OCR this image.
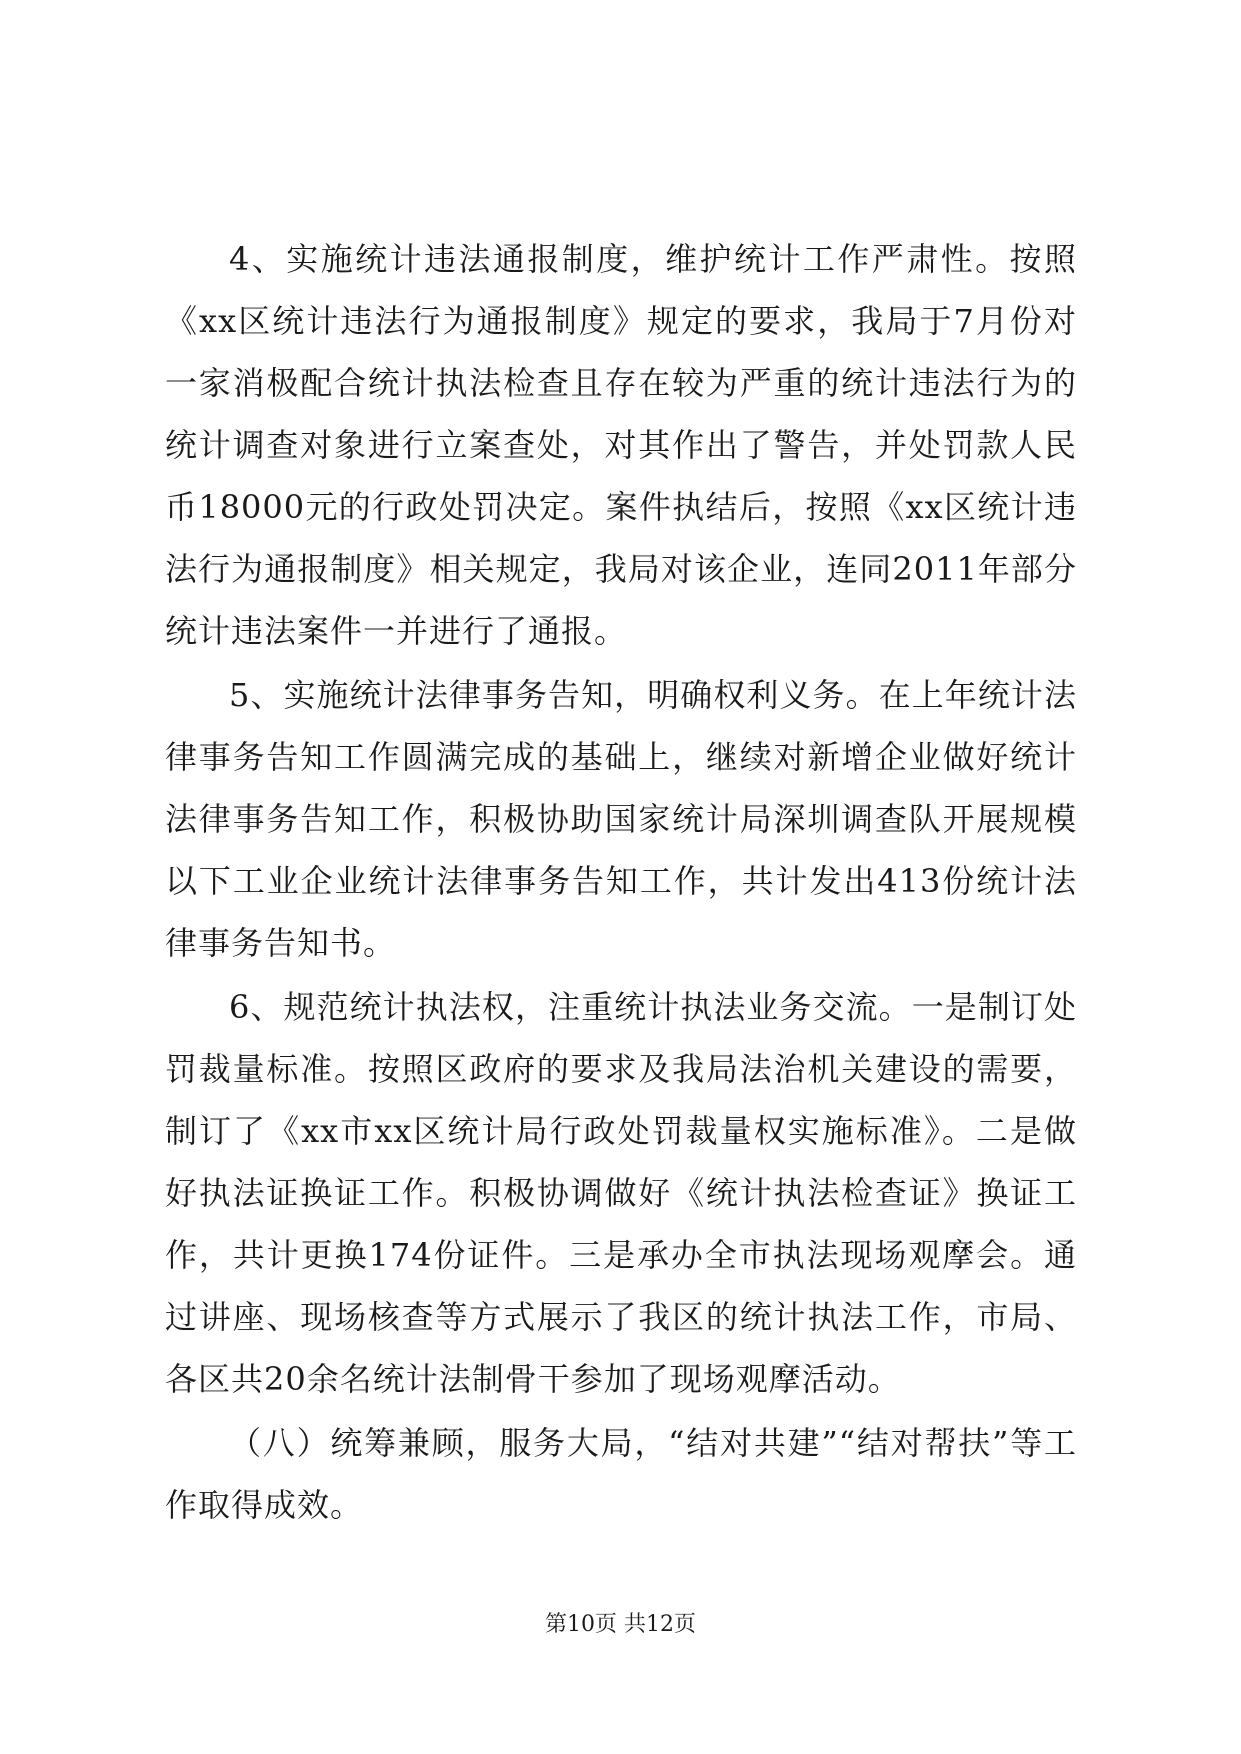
4、实施统计违法通报制度，维护统计工作严肃性。按照《xx区统计违法行为通报制度》规定的要求，我局于7月份对一家消极配合统计执法检查且存在较为严重的统计违法行为的统计调查对象进行立案查处，对其作出了警告，并处罚款人民币18000元的行政处罚决定。案件执结后，按照《xx区统计违法行为通报制度》相关规定，我局对该企业，连同2011年部分统计违法案件一并进行了通报。

5、实施统计法律事务告知，明确权利义务。在上年统计法律事务告知工作圆满完成的基础上，继续对新增企业做好统计法律事务告知工作，积极协助国家统计局深圳调查队开展规模以下工业企业统计法律事务告知工作，共计发出413份统计法律事务告知书。

6、规范统计执法权，注重统计执法业务交流。一是制订处罚裁量标准。按照区政府的要求及我局法治机关建设的需要，制订了《xx市xx区统计局行政处罚裁量权实施标准》。二是做好执法证换证工作。积极协调做好《统计执法检查证》换证工作，共计更换174份证件。三是承办全市执法现场观摩会。通过讲座、现场核查等方式展示了我区的统计执法工作，市局、各区共20余名统计法制骨干参加了现场观摩活动。

（八）统筹兼顾，服务大局，“结对共建”“结对帮扶”等工作取得成效。

第10页 共12页
